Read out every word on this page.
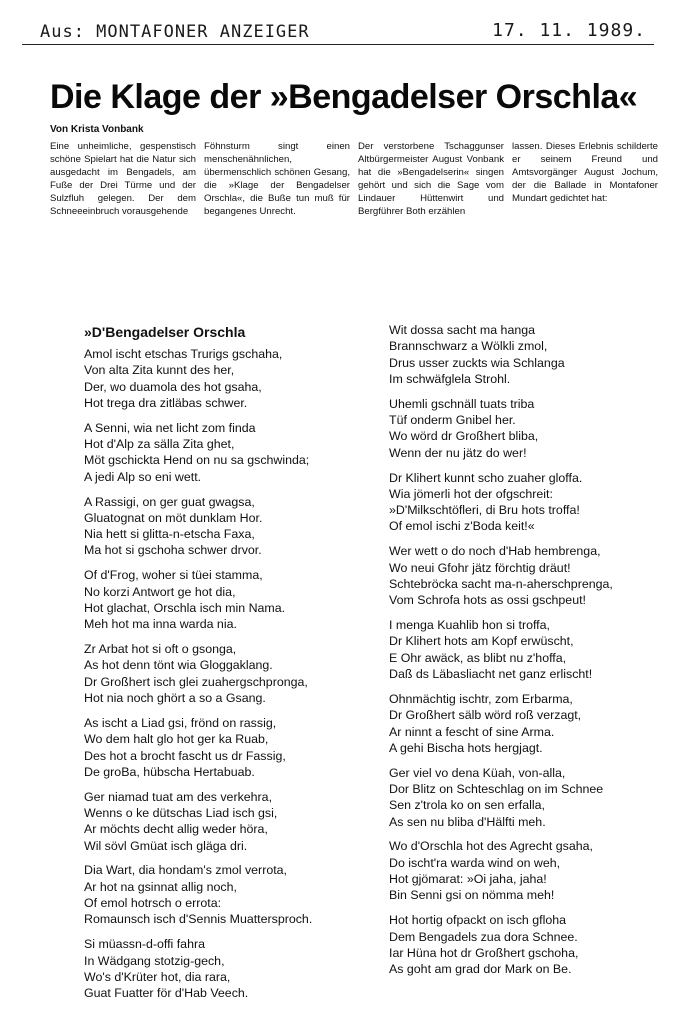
Aus: MONTAFONER ANZEIGER	17. 11. 1989.
Die Klage der »Bengadelser Orschla«
Von Krista Vonbank

Eine unheimliche, gespenstisch schöne Spielart hat die Natur sich ausgedacht im Bengadels, am Fuße der Drei Türme und der Sulzfluh gelegen. Der dem Schneeeinbruch vorausgehende

Föhnsturm singt einen menschenähnlichen, übermenschlich schönen Gesang, die »Klage der Bengadelser Orschla«, die Buße tun muß für begangenes Unrecht.

Der verstorbene Tschaggunser Altbürgermeister August Vonbank hat die »Bengadelserin« singen gehört und sich die Sage vom Lindauer Hüttenwirt und Bergführer Both erzählen

lassen. Dieses Erlebnis schilderte er seinem Freund und Amtsvorgänger August Jochum, der die Ballade in Montafoner Mundart gedichtet hat:

»D'Bengadelser Orschla
Amol ischt etschas Trurigs gschaha,
Von alta Zita kunnt des her,
Der, wo duamola des hot gsaha,
Hot trega dra zitläbas schwer.
A Senni, wia net licht zom finda
Hot d'Alp za sälla Zita ghet,
Möt gschickta Hend on nu sa gschwinda;
A jedi Alp so eni wett.
A Rassigi, on ger guat gwagsa,
Gluatognat on möt dunklam Hor.
Nia hett si glitta-n-etscha Faxa,
Ma hot si gschoha schwer drvor.
Of d'Frog, woher si tüei stamma,
No korzi Antwort ge hot dia,
Hot glachat, Orschla isch min Nama.
Meh hot ma inna warda nia.
Zr Arbat hot si oft o gsonga,
As hot denn tönt wia Gloggaklang.
Dr Großhert isch glei zuahergschpronga,
Hot nia noch ghört a so a Gsang.
As ischt a Liad gsi, frönd on rassig,
Wo dem halt glo hot ger ka Ruab,
Des hot a brocht fascht us dr Fassig,
De groBa, hübscha Hertabuab.
Ger niamad tuat am des verkehra,
Wenns o ke dütschas Liad isch gsi,
Ar möchts decht allig weder höra,
Wil sövl Gmüat isch gläga dri.
Dia Wart, dia hondam's zmol verrota,
Ar hot na gsinnat allig noch,
Of emol hotrsch o errota:
Romaunsch isch d'Sennis Muattersproch.
Si müassn-d-offi fahra
In Wädgang stotzig-gech,
Wo's d'Krüter hot, dia rara,
Guat Fuatter för d'Hab Veech.
Wit dossa sacht ma hanga
Brannschwarz a Wölkli zmol,
Drus usser zuckts wia Schlanga
Im schwäfglela Strohl.
Uhemli gschnäll tuats triba
Tüf onderm Gnibel her.
Wo wörd dr Großhert bliba,
Wenn der nu jätz do wer!
Dr Klihert kunnt scho zuaher gloffa.
Wia jömerli hot der ofgschreit:
»D'Milkschtöfleri, di Bru hots troffa!
Of emol ischi z'Boda keit!«
Wer wett o do noch d'Hab hembrenga,
Wo neui Gfohr jätz förchtig dräut!
Schtebröcka sacht ma-n-aherschprenga,
Vom Schrofa hots as ossi gschpeut!
I menga Kuahlib hon si troffa,
Dr Klihert hots am Kopf erwüscht,
E Ohr awäck, as blibt nu z'hoffa,
Daß ds Läbasliacht net ganz erlischt!
Ohnmächtig ischtr, zom Erbarma,
Dr Großhert sälb wörd roß verzagt,
Ar ninnt a fescht of sine Arma.
A gehi Bischa hots hergjagt.
Ger viel vo dena Küah, von-alla,
Dor Blitz on Schteschlag on im Schnee
Sen z'trola ko on sen erfalla,
As sen nu bliba d'Hälfti meh.
Wo d'Orschla hot des Agrecht gsaha,
Do ischt'ra warda wind on weh,
Hot gjömarat: »Oi jaha, jaha!
Bin Senni gsi on nömma meh!
Hot hortig ofpackt on isch gfloha
Dem Bengadels zua dora Schnee.
Iar Hüna hot dr Großhert gschoha,
As goht am grad dor Mark on Be.
